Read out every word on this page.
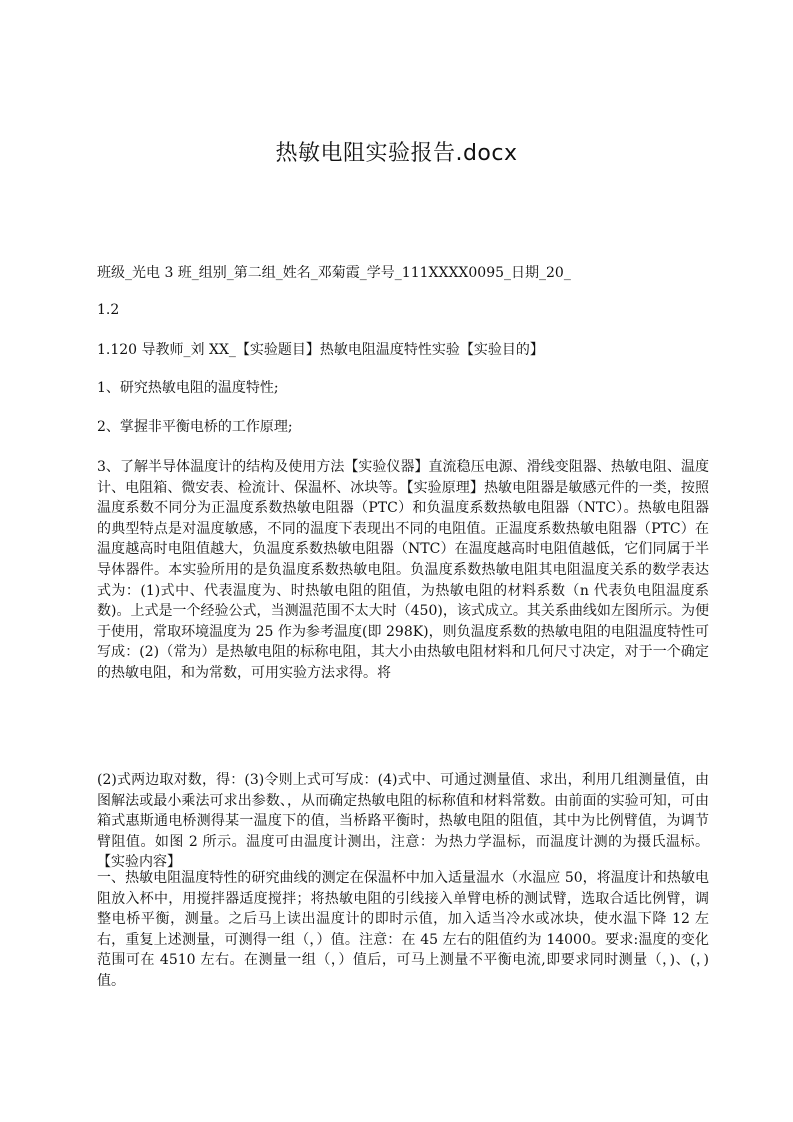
热敏电阻实验报告.docx
班级_光电 3 班_组别_第二组_姓名_邓菊霞_学号_111XXXX0095_日期_20_
1.2
1.120 导教师_刘 XX_【实验题目】热敏电阻温度特性实验【实验目的】
1、研究热敏电阻的温度特性;
2、掌握非平衡电桥的工作原理;

3、了解半导体温度计的结构及使用方法【实验仪器】直流稳压电源、滑线变阻器、热敏电阻、温度计、电阻箱、微安表、检流计、保温杯、冰块等。【实验原理】热敏电阻器是敏感元件的一类，按照温度系数不同分为正温度系数热敏电阻器（PTC）和负温度系数热敏电阻器（NTC）。热敏电阻器的典型特点是对温度敏感，不同的温度下表现出不同的电阻值。正温度系数热敏电阻器（PTC）在温度越高时电阻值越大，负温度系数热敏电阻器（NTC）在温度越高时电阻值越低，它们同属于半导体器件。本实验所用的是负温度系数热敏电阻。负温度系数热敏电阻其电阻温度关系的数学表达式为：(1)式中、代表温度为、时热敏电阻的阻值，为热敏电阻的材料系数（n 代表负电阻温度系数)。上式是一个经验公式，当测温范围不太大时（450)，该式成立。其关系曲线如左图所示。为便于使用，常取环境温度为 25 作为参考温度(即 298K)，则负温度系数的热敏电阻的电阻温度特性可写成：(2)（常为）是热敏电阻的标称电阻，其大小由热敏电阻材料和几何尺寸决定，对于一个确定的热敏电阻，和为常数，可用实验方法求得。将

(2)式两边取对数，得：(3)令则上式可写成：(4)式中、可通过测量值、求出，利用几组测量值，由图解法或最小乘法可求出参数、，从而确定热敏电阻的标称值和材料常数。由前面的实验可知，可由箱式惠斯通电桥测得某一温度下的值，当桥路平衡时，热敏电阻的阻值，其中为比例臂值，为调节臂阻值。如图 2 所示。温度可由温度计测出，注意：为热力学温标，而温度计测的为摄氏温标。【实验内容】

一、热敏电阻温度特性的研究曲线的测定在保温杯中加入适量温水（水温应 50，将温度计和热敏电阻放入杯中，用搅拌器适度搅拌；将热敏电阻的引线接入单臂电桥的测试臂，选取合适比例臂，调整电桥平衡，测量。之后马上读出温度计的即时示值，加入适当冷水或冰块，使水温下降 12 左右，重复上述测量，可测得一组（，）值。注意：在 45 左右的阻值约为 14000。要求:温度的变化范围可在 4510 左右。在测量一组（，）值后，可马上测量不平衡电流,即要求同时测量（，)、(，) 值。
